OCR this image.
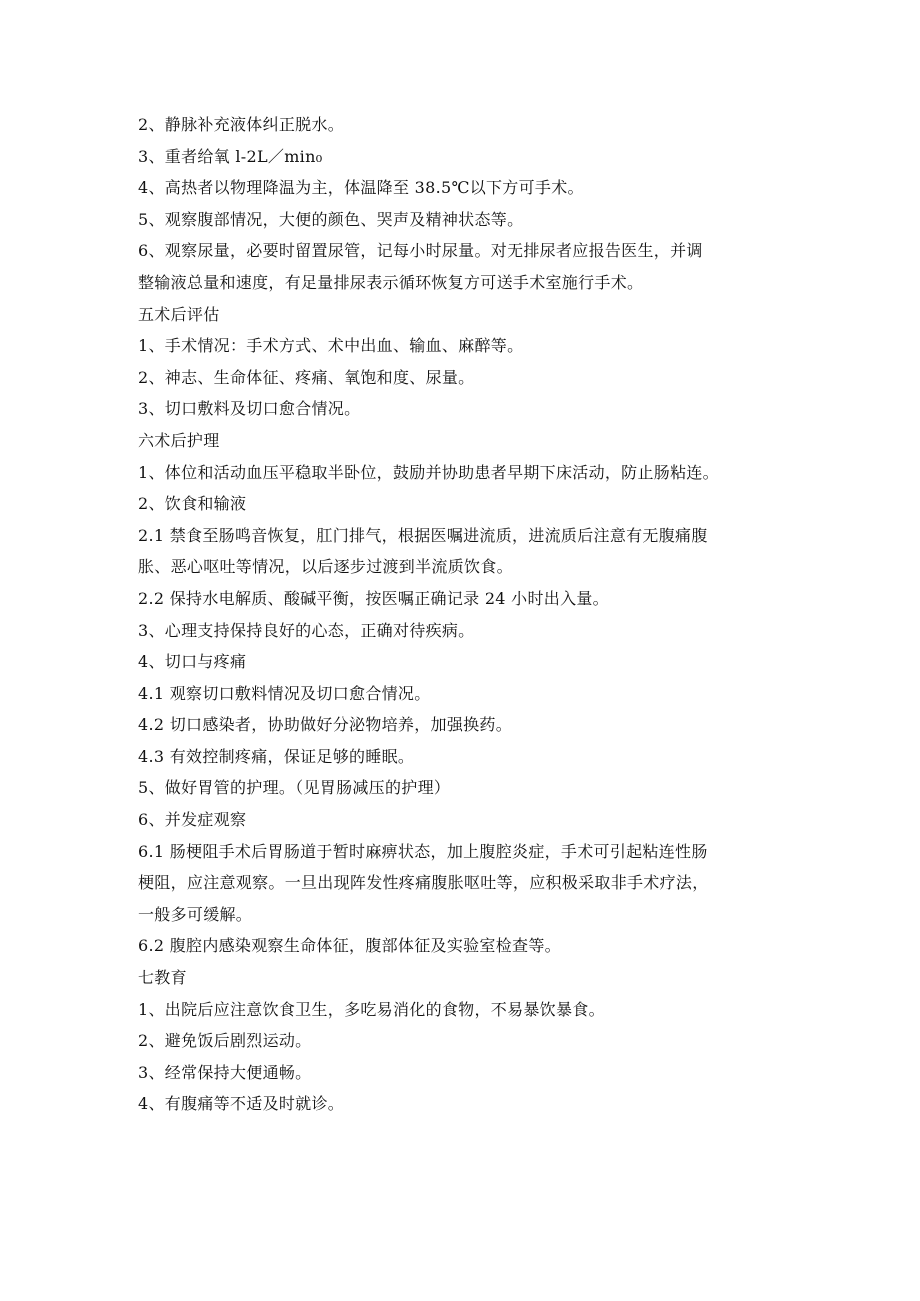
2、静脉补充液体纠正脱水。
3、重者给氧 l-2L／min₀
4、高热者以物理降温为主，体温降至 38.5℃以下方可手术。
5、观察腹部情况，大便的颜色、哭声及精神状态等。
6、观察尿量，必要时留置尿管，记每小时尿量。对无排尿者应报告医生，并调
整输液总量和速度，有足量排尿表示循环恢复方可送手术室施行手术。
五术后评估
1、手术情况：手术方式、术中出血、输血、麻醉等。
2、神志、生命体征、疼痛、氧饱和度、尿量。
3、切口敷料及切口愈合情况。
六术后护理
1、体位和活动血压平稳取半卧位，鼓励并协助患者早期下床活动，防止肠粘连。
2、饮食和输液
2.1 禁食至肠鸣音恢复，肛门排气，根据医嘱进流质，进流质后注意有无腹痛腹
胀、恶心呕吐等情况，以后逐步过渡到半流质饮食。
2.2 保持水电解质、酸碱平衡，按医嘱正确记录 24 小时出入量。
3、心理支持保持良好的心态，正确对待疾病。
4、切口与疼痛
4.1 观察切口敷料情况及切口愈合情况。
4.2 切口感染者，协助做好分泌物培养，加强换药。
4.3 有效控制疼痛，保证足够的睡眠。
5、做好胃管的护理。（见胃肠减压的护理）
6、并发症观察
6.1 肠梗阻手术后胃肠道于暂时麻痹状态，加上腹腔炎症，手术可引起粘连性肠
梗阻，应注意观察。一旦出现阵发性疼痛腹胀呕吐等，应积极采取非手术疗法，
一般多可缓解。
6.2 腹腔内感染观察生命体征，腹部体征及实验室检查等。
七教育
1、出院后应注意饮食卫生，多吃易消化的食物，不易暴饮暴食。
2、避免饭后剧烈运动。
3、经常保持大便通畅。
4、有腹痛等不适及时就诊。
